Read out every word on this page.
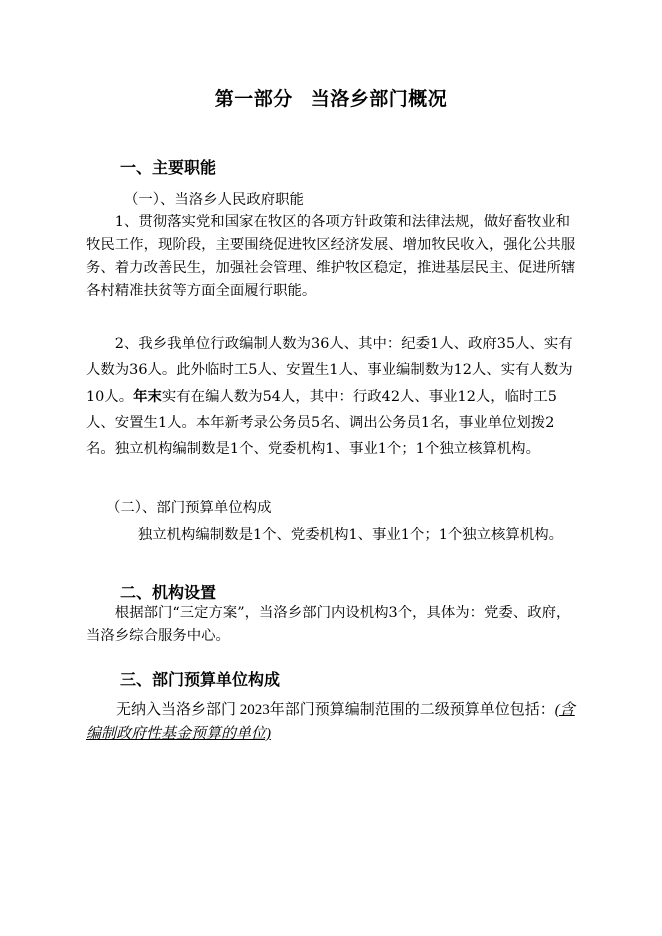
第一部分 当洛乡部门概况
一、主要职能
（一）、当洛乡人民政府职能
1、贯彻落实党和国家在牧区的各项方针政策和法律法规，做好畜牧业和牧民工作，现阶段，主要围绕促进牧区经济发展、增加牧民收入，强化公共服务、着力改善民生，加强社会管理、维护牧区稳定，推进基层民主、促进所辖各村精准扶贫等方面全面履行职能。
2、我乡我单位行政编制人数为36人、其中：纪委1人、政府35人、实有人数为36人。此外临时工5人、安置生1人、事业编制数为12人、实有人数为10人。年末实有在编人数为54人，其中：行政42人、事业12人，临时工5人、安置生1人。本年新考录公务员5名、调出公务员1名，事业单位划拨2名。独立机构编制数是1个、党委机构1、事业1个；1个独立核算机构。
（二）、部门预算单位构成
独立机构编制数是1个、党委机构1、事业1个；1个独立核算机构。
二、机构设置
根据部门“三定方案”，当洛乡部门内设机构3个，具体为：党委、政府，当洛乡综合服务中心。
三、部门预算单位构成
无纳入当洛乡部门 2023年部门预算编制范围的二级预算单位包括：(含编制政府性基金预算的单位)
